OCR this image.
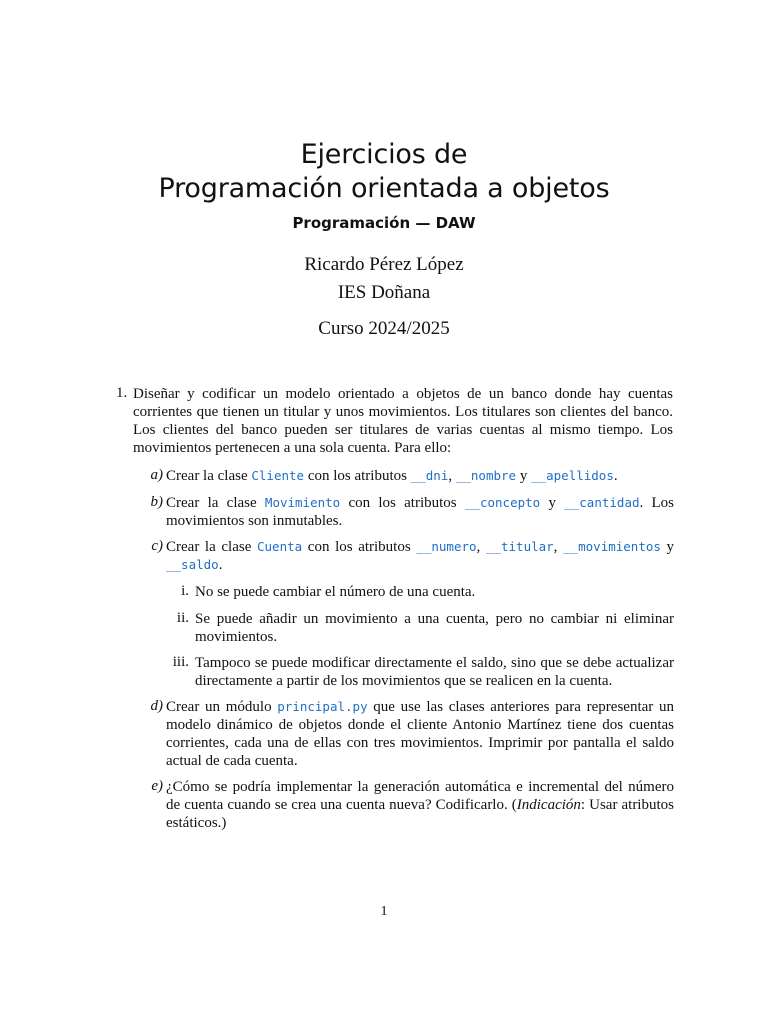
Ejercicios de
Programación orientada a objetos
Programación — DAW
Ricardo Pérez López
IES Doñana
Curso 2024/2025
1. Diseñar y codificar un modelo orientado a objetos de un banco donde hay cuentas corrientes que tienen un titular y unos movimientos. Los titulares son clientes del banco. Los clientes del banco pueden ser titulares de varias cuentas al mismo tiempo. Los movimientos pertenecen a una sola cuenta. Para ello:
a) Crear la clase Cliente con los atributos __dni, __nombre y __apellidos.
b) Crear la clase Movimiento con los atributos __concepto y __cantidad. Los movimientos son inmutables.
c) Crear la clase Cuenta con los atributos __numero, __titular, __movimientos y __saldo.
i. No se puede cambiar el número de una cuenta.
ii. Se puede añadir un movimiento a una cuenta, pero no cambiar ni eliminar movimientos.
iii. Tampoco se puede modificar directamente el saldo, sino que se debe actualizar directamente a partir de los movimientos que se realicen en la cuenta.
d) Crear un módulo principal.py que use las clases anteriores para representar un modelo dinámico de objetos donde el cliente Antonio Martínez tiene dos cuentas corrientes, cada una de ellas con tres movimientos. Imprimir por pantalla el saldo actual de cada cuenta.
e) ¿Cómo se podría implementar la generación automática e incremental del número de cuenta cuando se crea una cuenta nueva? Codificarlo. (Indicación: Usar atributos estáticos.)
1
